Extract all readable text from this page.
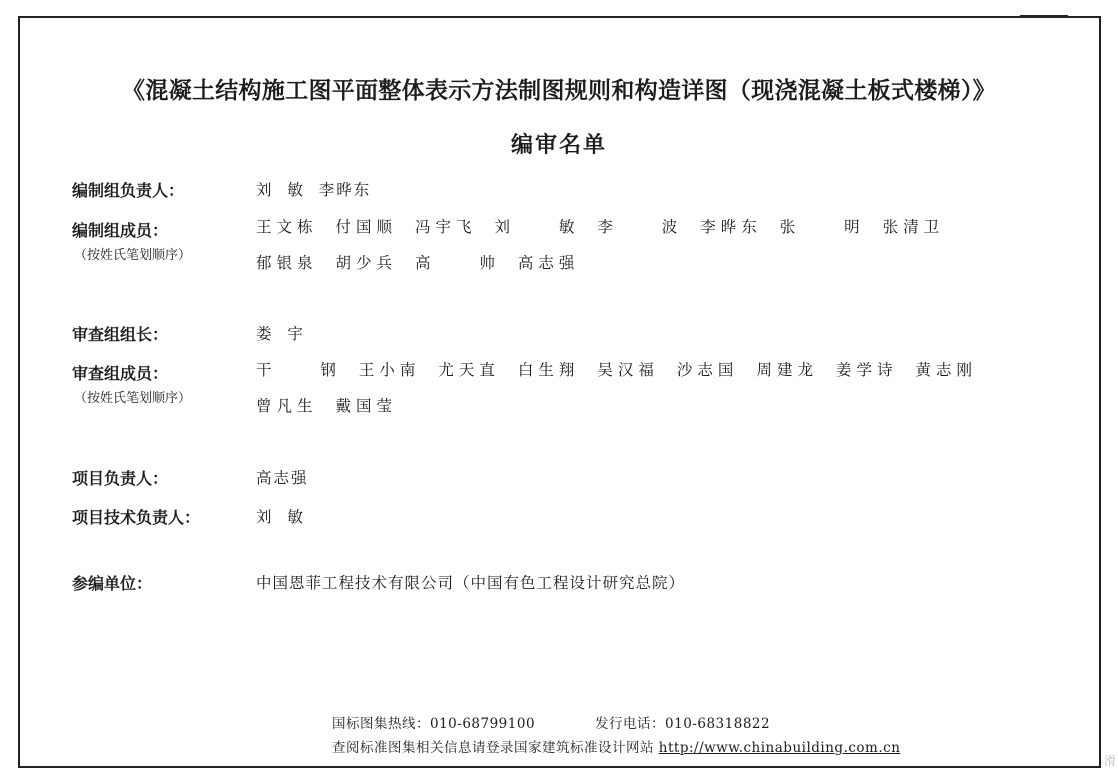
《混凝土结构施工图平面整体表示方法制图规则和构造详图（现浇混凝土板式楼梯）》
编审名单
编制组负责人：	刘  敏  李晔东
编制组成员：
（按姓氏笔划顺序）
王文栋 付国顺 冯宇飞 刘  敏 李  波 李晔东 张  明 张清卫郁银泉 胡少兵 高  帅 高志强
审查组组长：	娄  宇
审查组成员：
（按姓氏笔划顺序）
干  钢 王小南 尤天直 白生翔 吴汉福 沙志国 周建龙 姜学诗 黄志刚曾凡生 戴国莹
项目负责人：	高志强
项目技术负责人：	刘  敏
参编单位：	中国恩菲工程技术有限公司（中国有色工程设计研究总院）
国标图集热线：010-68799100	发行电话：010-68318822
查阅标准图集相关信息请登录国家建筑标准设计网站 http://www.chinabuilding.com.cn
滑
